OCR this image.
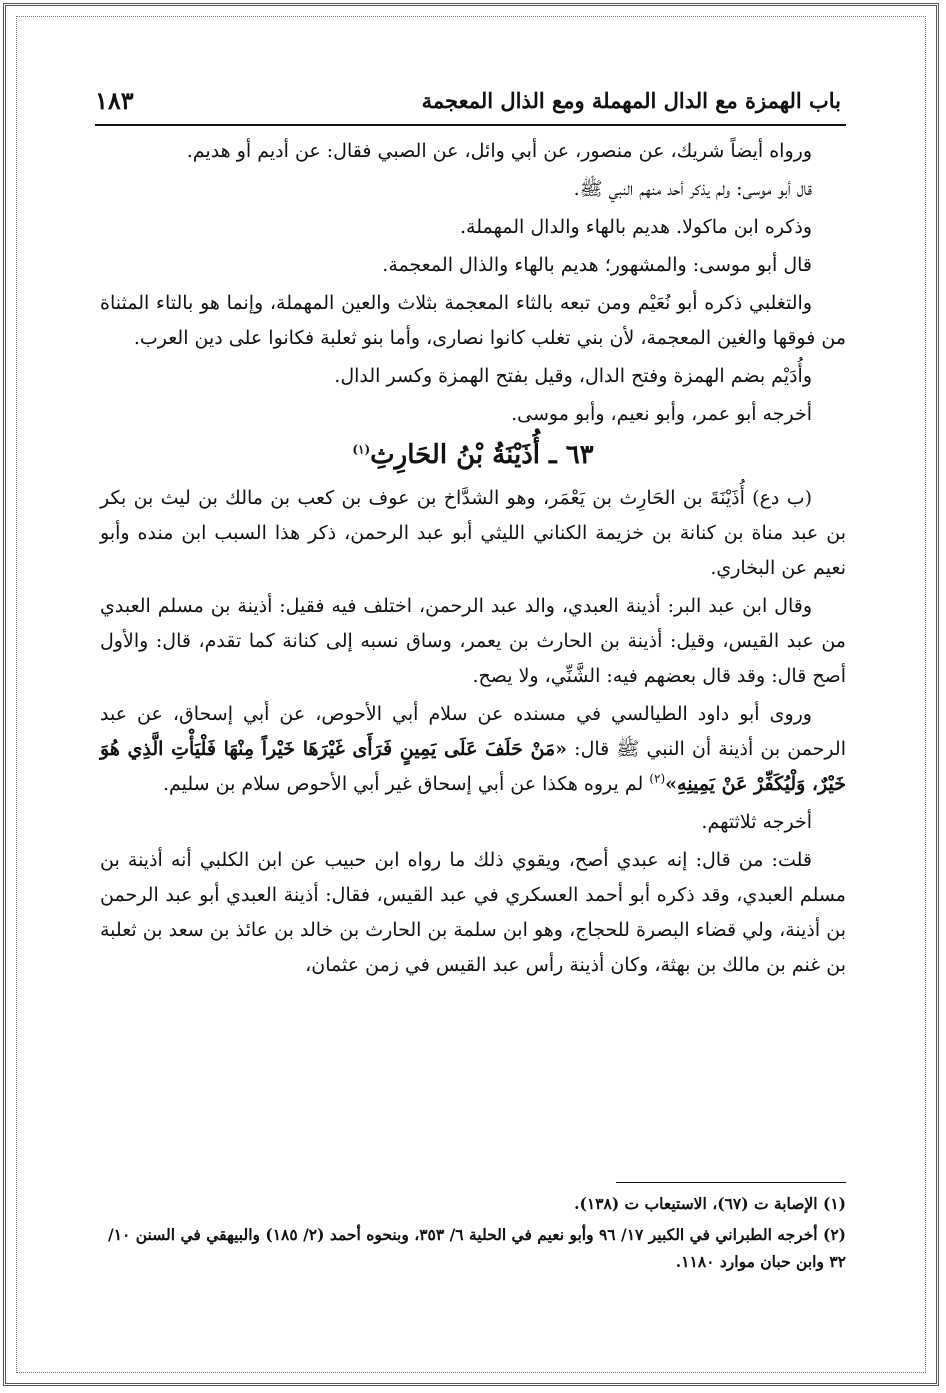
باب الهمزة مع الدال المهملة ومع الذال المعجمة
١٨٣

ورواه أيضاً شريك، عن منصور، عن أبي وائل، عن الصبي فقال: عن أديم أو هديم.

قال أبو موسى: ولم يذكر أحد منهم النبي ﷺ.

وذكره ابن ماكولا. هديم بالهاء والدال المهملة.

قال أبو موسى: والمشهور؛ هديم بالهاء والذال المعجمة.

والتغلبي ذكره أبو نُعَيْم ومن تبعه بالثاء المعجمة بثلاث والعين المهملة، وإنما هو بالتاء المثناة من فوقها والغين المعجمة، لأن بني تغلب كانوا نصارى، وأما بنو ثعلبة فكانوا على دين العرب.

وأُدَيْم بضم الهمزة وفتح الدال، وقيل بفتح الهمزة وكسر الدال.

أخرجه أبو عمر، وأبو نعيم، وأبو موسى.

٦٣ ـ أُذَيْنَةُ بْنُ الحَارِثِ$^{(١)}$

(ب دع) أُذَيْنَةَ بن الحَارِث بن يَعْمَر، وهو الشدَّاخ بن عوف بن كعب بن مالك بن ليث بن بكر بن عبد مناة بن كنانة بن خزيمة الكناني الليثي أبو عبد الرحمن، ذكر هذا السبب ابن منده وأبو نعيم عن البخاري.

وقال ابن عبد البر: أذينة العبدي، والد عبد الرحمن، اختلف فيه فقيل: أذينة بن مسلم العبدي من عبد القيس، وقيل: أذينة بن الحارث بن يعمر، وساق نسبه إلى كنانة كما تقدم، قال: والأول أصح قال: وقد قال بعضهم فيه: الشَّنِّي، ولا يصح.

وروى أبو داود الطيالسي في مسنده عن سلام أبي الأحوص، عن أبي إسحاق، عن عبد الرحمن بن أذينة أن النبي ﷺ قال: «مَنْ حَلَفَ عَلَى يَمِينٍ فَرَأَى غَيْرَهَا خَيْراً مِنْهَا فَلْيَأْتِ الَّذِي هُوَ خَيْرٌ، وَلْيُكَفِّرْ عَنْ يَمِينِهِ»$^{(٢)}$ لم يروه هكذا عن أبي إسحاق غير أبي الأحوص سلام بن سليم.

أخرجه ثلاثتهم.

قلت: من قال: إنه عبدي أصح، ويقوي ذلك ما رواه ابن حبيب عن ابن الكلبي أنه أذينة بن مسلم العبدي، وقد ذكره أبو أحمد العسكري في عبد القيس، فقال: أذينة العبدي أبو عبد الرحمن بن أذينة، ولي قضاء البصرة للحجاج، وهو ابن سلمة بن الحارث بن خالد بن عائذ بن سعد بن ثعلبة بن غنم بن مالك بن بهثة، وكان أذينة رأس عبد القيس في زمن عثمان،

(١) الإصابة ت (٦٧)، الاستيعاب ت (١٣٨).

(٢) أخرجه الطبراني في الكبير ١٧/ ٩٦ وأبو نعيم في الحلية ٦/ ٣٥٣، وبنحوه أحمد (٢/ ١٨٥) والبيهقي في السنن ١٠/ ٣٢ وابن حبان موارد ١١٨٠.
